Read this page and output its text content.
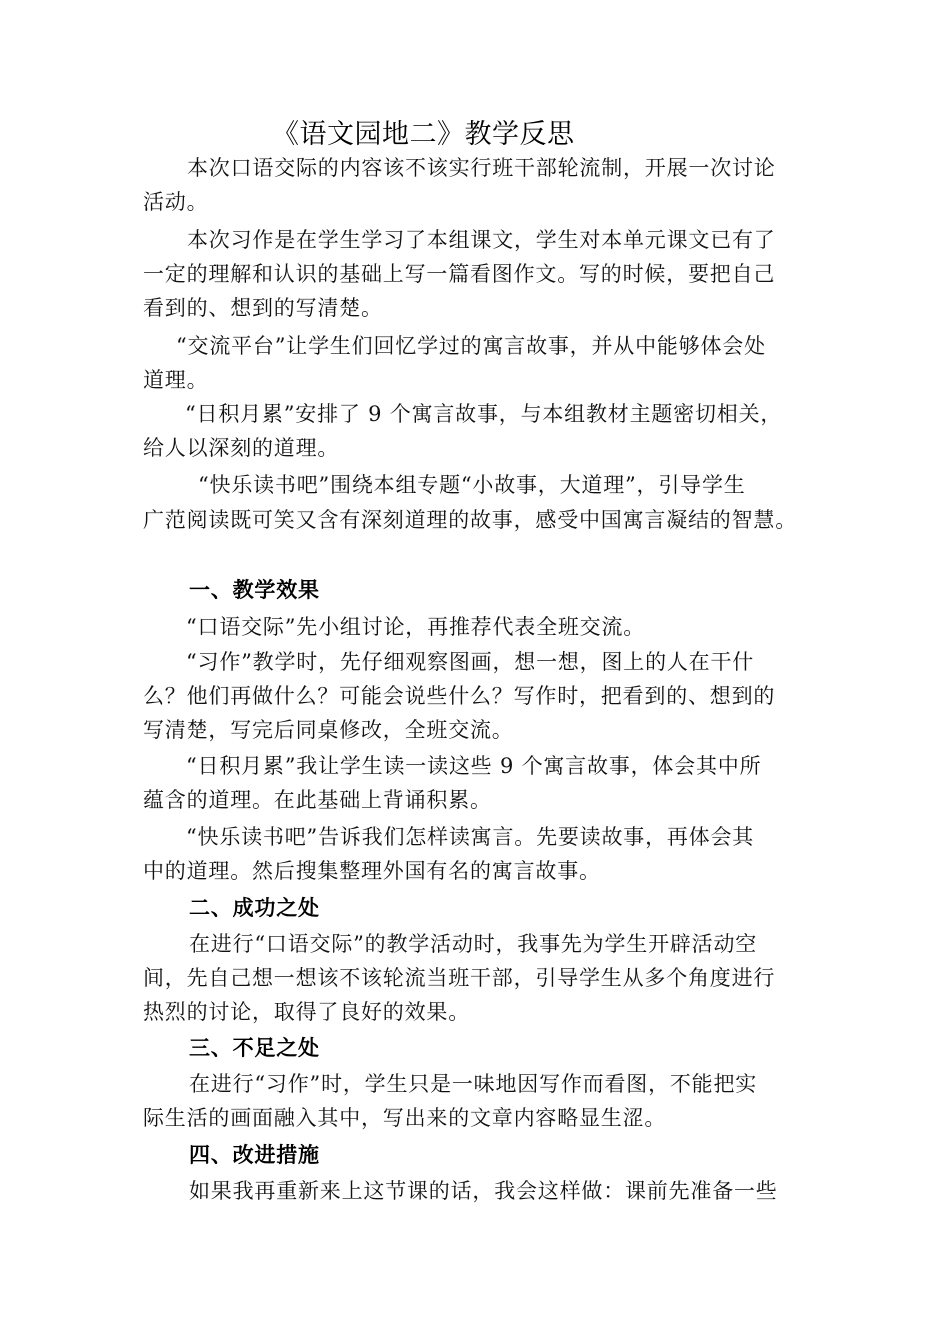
《语文园地二》教学反思
本次口语交际的内容该不该实行班干部轮流制，开展一次讨论
活动。
本次习作是在学生学习了本组课文，学生对本单元课文已有了
一定的理解和认识的基础上写一篇看图作文。写的时候，要把自己
看到的、想到的写清楚。
“交流平台”让学生们回忆学过的寓言故事，并从中能够体会处
道理。
“日积月累”安排了 9 个寓言故事，与本组教材主题密切相关，
给人以深刻的道理。
“快乐读书吧”围绕本组专题“小故事，大道理”，引导学生
广范阅读既可笑又含有深刻道理的故事，感受中国寓言凝结的智慧。
一、教学效果
“口语交际”先小组讨论，再推荐代表全班交流。
“习作”教学时，先仔细观察图画，想一想，图上的人在干什
么？他们再做什么？可能会说些什么？写作时，把看到的、想到的
写清楚，写完后同桌修改，全班交流。
“日积月累”我让学生读一读这些 9 个寓言故事，体会其中所
蕴含的道理。在此基础上背诵积累。
“快乐读书吧”告诉我们怎样读寓言。先要读故事，再体会其
中的道理。然后搜集整理外国有名的寓言故事。
二、成功之处
在进行“口语交际”的教学活动时，我事先为学生开辟活动空
间，先自己想一想该不该轮流当班干部，引导学生从多个角度进行
热烈的讨论，取得了良好的效果。
三、不足之处
在进行“习作”时，学生只是一味地因写作而看图，不能把实
际生活的画面融入其中，写出来的文章内容略显生涩。
四、改进措施
如果我再重新来上这节课的话，我会这样做：课前先准备一些
